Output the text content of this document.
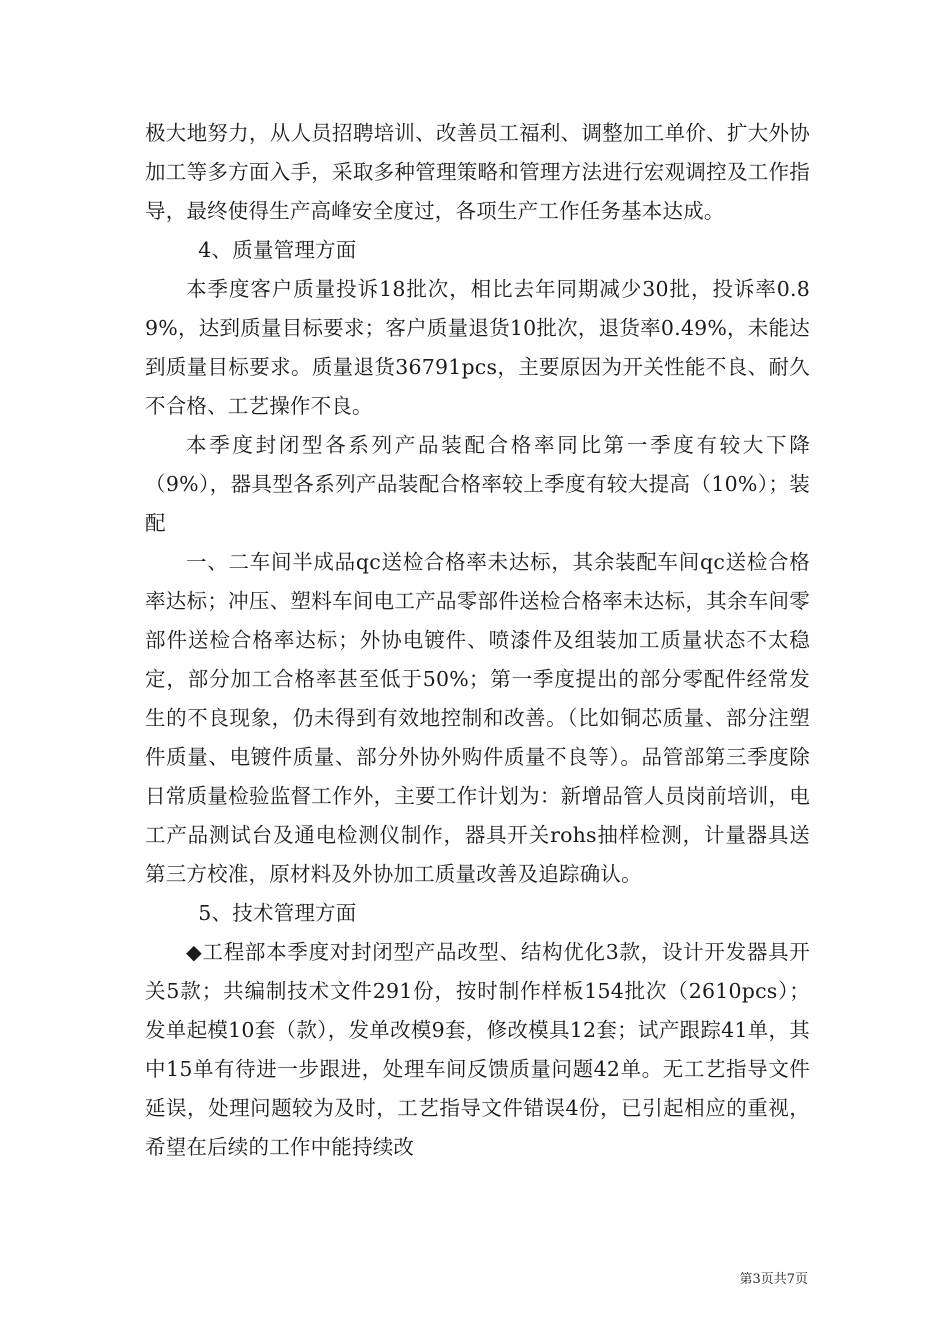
极大地努力，从人员招聘培训、改善员工福利、调整加工单价、扩大外协加工等多方面入手，采取多种管理策略和管理方法进行宏观调控及工作指导，最终使得生产高峰安全度过，各项生产工作任务基本达成。

4、质量管理方面

本季度客户质量投诉18批次，相比去年同期减少30批，投诉率0.89%，达到质量目标要求；客户质量退货10批次，退货率0.49%，未能达到质量目标要求。质量退货36791pcs，主要原因为开关性能不良、耐久不合格、工艺操作不良。

本季度封闭型各系列产品装配合格率同比第一季度有较大下降（9%），器具型各系列产品装配合格率较上季度有较大提高（10%）；装配

一、二车间半成品qc送检合格率未达标，其余装配车间qc送检合格率达标；冲压、塑料车间电工产品零部件送检合格率未达标，其余车间零部件送检合格率达标；外协电镀件、喷漆件及组装加工质量状态不太稳定，部分加工合格率甚至低于50%；第一季度提出的部分零配件经常发生的不良现象，仍未得到有效地控制和改善。（比如铜芯质量、部分注塑件质量、电镀件质量、部分外协外购件质量不良等）。品管部第三季度除日常质量检验监督工作外，主要工作计划为：新增品管人员岗前培训，电工产品测试台及通电检测仪制作，器具开关rohs抽样检测，计量器具送第三方校准，原材料及外协加工质量改善及追踪确认。

5、技术管理方面

◆工程部本季度对封闭型产品改型、结构优化3款，设计开发器具开关5款；共编制技术文件291份，按时制作样板154批次（2610pcs）；发单起模10套（款），发单改模9套，修改模具12套；试产跟踪41单，其中15单有待进一步跟进，处理车间反馈质量问题42单。无工艺指导文件延误，处理问题较为及时，工艺指导文件错误4份，已引起相应的重视，希望在后续的工作中能持续改

第3页共7页
